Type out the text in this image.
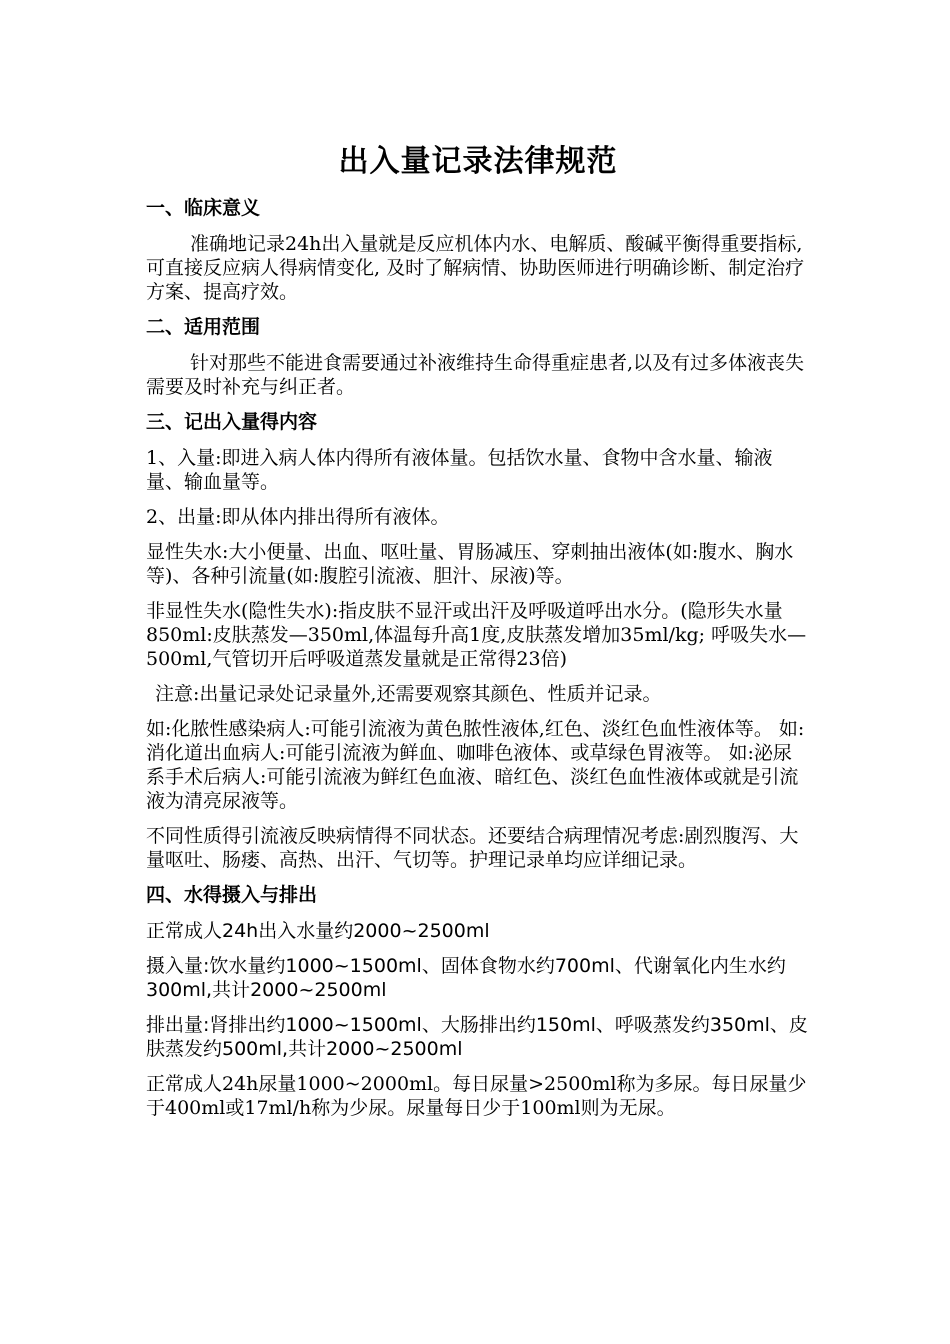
出入量记录法律规范
一、临床意义
准确地记录24h出入量就是反应机体内水、电解质、酸碱平衡得重要指标,可直接反应病人得病情变化, 及时了解病情、协助医师进行明确诊断、制定治疗方案、提高疗效。
二、适用范围
针对那些不能进食需要通过补液维持生命得重症患者,以及有过多体液丧失需要及时补充与纠正者。
三、记出入量得内容
1、入量:即进入病人体内得所有液体量。包括饮水量、食物中含水量、输液量、输血量等。
2、出量:即从体内排出得所有液体。
显性失水:大小便量、出血、呕吐量、胃肠减压、穿刺抽出液体(如:腹水、胸水等)、各种引流量(如:腹腔引流液、胆汁、尿液)等。
非显性失水(隐性失水):指皮肤不显汗或出汗及呼吸道呼出水分。(隐形失水量850ml:皮肤蒸发—350ml,体温每升高1度,皮肤蒸发增加35ml/kg; 呼吸失水—500ml,气管切开后呼吸道蒸发量就是正常得23倍)
注意:出量记录处记录量外,还需要观察其颜色、性质并记录。
如:化脓性感染病人:可能引流液为黄色脓性液体,红色、淡红色血性液体等。 如:消化道出血病人:可能引流液为鲜血、咖啡色液体、或草绿色胃液等。 如:泌尿系手术后病人:可能引流液为鲜红色血液、暗红色、淡红色血性液体或就是引流液为清亮尿液等。
不同性质得引流液反映病情得不同状态。还要结合病理情况考虑:剧烈腹泻、大量呕吐、肠瘘、高热、出汗、气切等。护理记录单均应详细记录。
四、水得摄入与排出
正常成人24h出入水量约2000~2500ml
摄入量:饮水量约1000~1500ml、固体食物水约700ml、代谢氧化内生水约300ml,共计2000~2500ml
排出量:肾排出约1000~1500ml、大肠排出约150ml、呼吸蒸发约350ml、皮肤蒸发约500ml,共计2000~2500ml
正常成人24h尿量1000~2000ml。每日尿量>2500ml称为多尿。每日尿量少于400ml或17ml/h称为少尿。尿量每日少于100ml则为无尿。
